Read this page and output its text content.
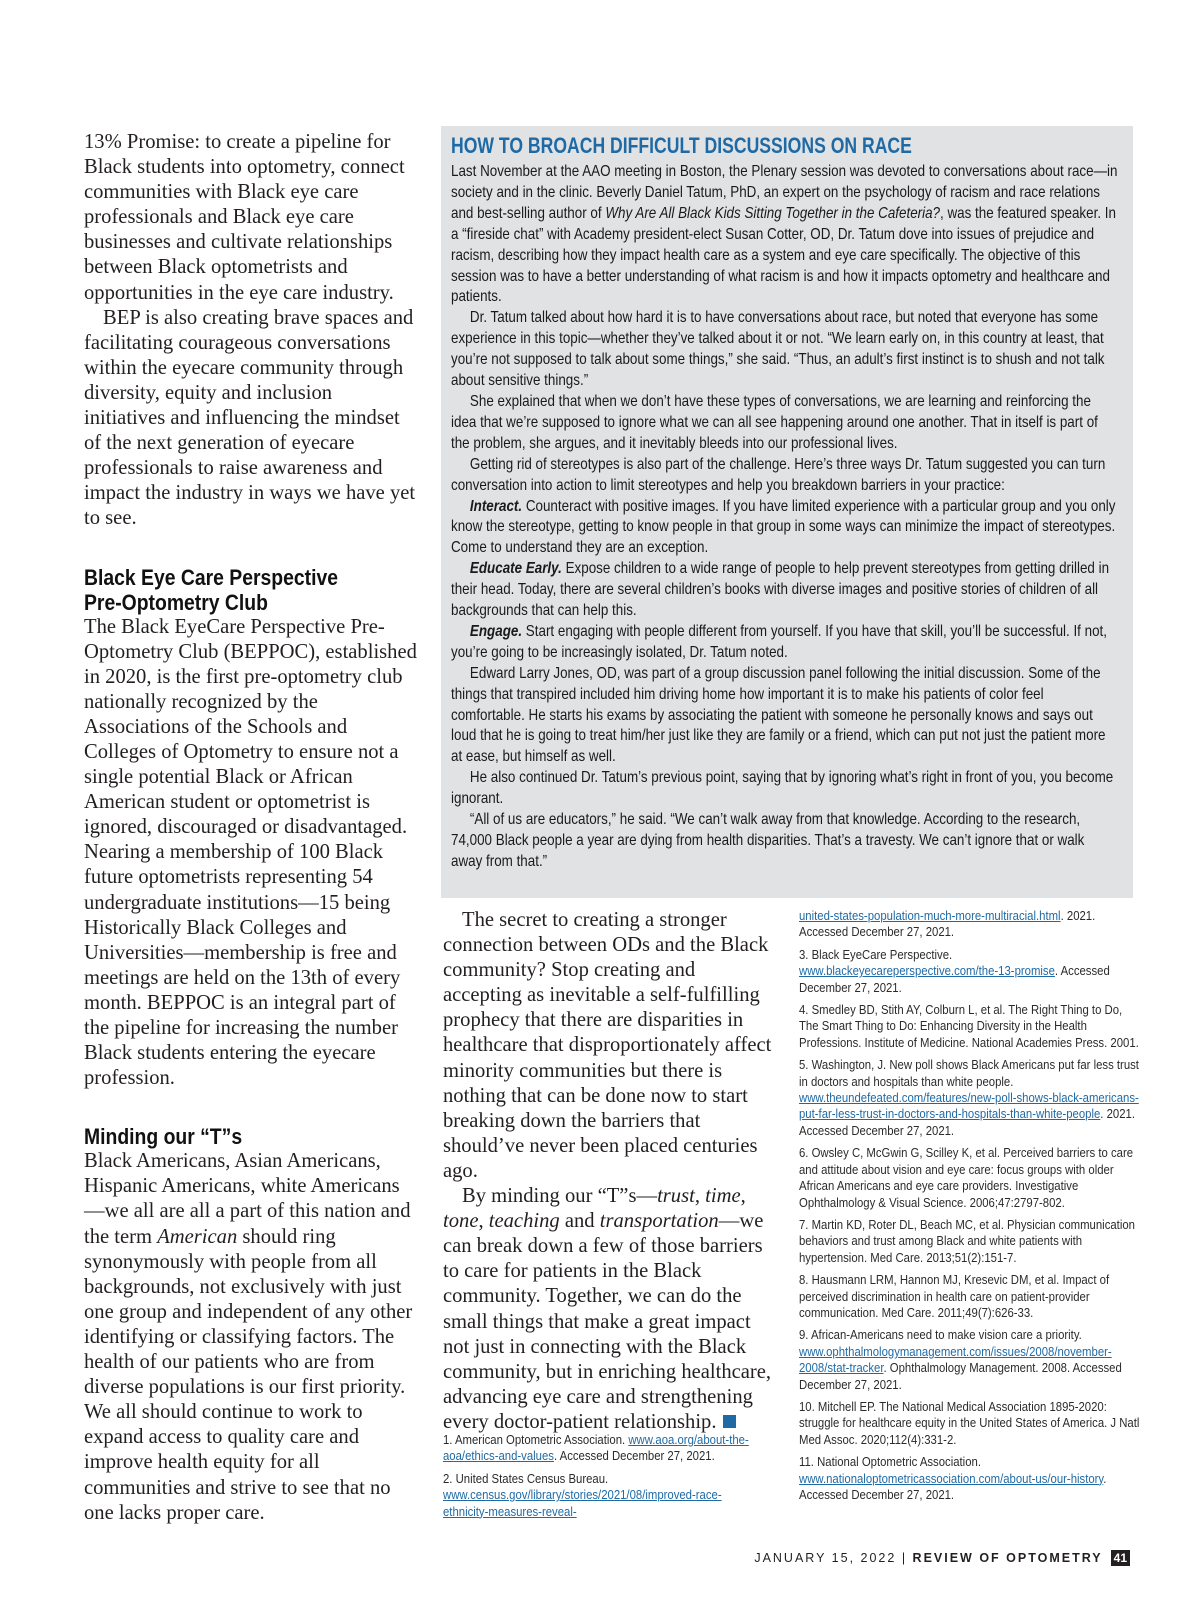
13% Promise: to create a pipeline for Black students into optometry, connect communities with Black eye care professionals and Black eye care businesses and cultivate relationships between Black optometrists and opportunities in the eye care industry.

BEP is also creating brave spaces and facilitating courageous conversations within the eyecare community through diversity, equity and inclusion initiatives and influencing the mindset of the next generation of eyecare professionals to raise awareness and impact the industry in ways we have yet to see.

Black Eye Care Perspective
Pre-Optometry Club

The Black EyeCare Perspective Pre-Optometry Club (BEPPOC), established in 2020, is the first pre-optometry club nationally recognized by the Associations of the Schools and Colleges of Optometry to ensure not a single potential Black or African American student or optometrist is ignored, discouraged or disadvantaged. Nearing a membership of 100 Black future optometrists representing 54 undergraduate institutions—15 being Historically Black Colleges and Universities—membership is free and meetings are held on the 13th of every month. BEPPOC is an integral part of the pipeline for increasing the number Black students entering the eyecare profession.

Minding our “T”s

Black Americans, Asian Americans, Hispanic Americans, white Americans—we all are all a part of this nation and the term American should ring synonymously with people from all backgrounds, not exclusively with just one group and independent of any other identifying or classifying factors. The health of our patients who are from diverse populations is our first priority. We all should continue to work to expand access to quality care and improve health equity for all communities and strive to see that no one lacks proper care.

HOW TO BROACH DIFFICULT DISCUSSIONS ON RACE

Last November at the AAO meeting in Boston, the Plenary session was devoted to conversations about race—in society and in the clinic. Beverly Daniel Tatum, PhD, an expert on the psychology of racism and race relations and best-selling author of Why Are All Black Kids Sitting Together in the Cafeteria?, was the featured speaker. In a “fireside chat” with Academy president-elect Susan Cotter, OD, Dr. Tatum dove into issues of prejudice and racism, describing how they impact health care as a system and eye care specifically. The objective of this session was to have a better understanding of what racism is and how it impacts optometry and healthcare and patients.

Dr. Tatum talked about how hard it is to have conversations about race, but noted that everyone has some experience in this topic—whether they’ve talked about it or not. “We learn early on, in this country at least, that you’re not supposed to talk about some things,” she said. “Thus, an adult’s first instinct is to shush and not talk about sensitive things.”

She explained that when we don’t have these types of conversations, we are learning and reinforcing the idea that we’re supposed to ignore what we can all see happening around one another. That in itself is part of the problem, she argues, and it inevitably bleeds into our professional lives.

Getting rid of stereotypes is also part of the challenge. Here’s three ways Dr. Tatum suggested you can turn conversation into action to limit stereotypes and help you breakdown barriers in your practice:

Interact. Counteract with positive images. If you have limited experience with a particular group and you only know the stereotype, getting to know people in that group in some ways can minimize the impact of stereotypes. Come to understand they are an exception.

Educate Early. Expose children to a wide range of people to help prevent stereotypes from getting drilled in their head. Today, there are several children’s books with diverse images and positive stories of children of all backgrounds that can help this.

Engage. Start engaging with people different from yourself. If you have that skill, you’ll be successful. If not, you’re going to be increasingly isolated, Dr. Tatum noted.

Edward Larry Jones, OD, was part of a group discussion panel following the initial discussion. Some of the things that transpired included him driving home how important it is to make his patients of color feel comfortable. He starts his exams by associating the patient with someone he personally knows and says out loud that he is going to treat him/her just like they are family or a friend, which can put not just the patient more at ease, but himself as well.

He also continued Dr. Tatum’s previous point, saying that by ignoring what’s right in front of you, you become ignorant.

“All of us are educators,” he said. “We can’t walk away from that knowledge. According to the research, 74,000 Black people a year are dying from health disparities. That’s a travesty. We can’t ignore that or walk away from that.”

The secret to creating a stronger connection between ODs and the Black community? Stop creating and accepting as inevitable a self-fulfilling prophecy that there are disparities in healthcare that disproportionately affect minority communities but there is nothing that can be done now to start breaking down the barriers that should’ve never been placed centuries ago.

By minding our “T”s—trust, time, tone, teaching and transportation—we can break down a few of those barriers to care for patients in the Black community. Together, we can do the small things that make a great impact not just in connecting with the Black community, but in enriching healthcare, advancing eye care and strengthening every doctor-patient relationship.

1. American Optometric Association. www.aoa.org/about-the-aoa/ethics-and-values. Accessed December 27, 2021.

2. United States Census Bureau. www.census.gov/library/stories/2021/08/improved-race-ethnicity-measures-reveal-

united-states-population-much-more-multiracial.html. 2021. Accessed December 27, 2021.

3. Black EyeCare Perspective. www.blackeyecareperspective.com/the-13-promise. Accessed December 27, 2021.

4. Smedley BD, Stith AY, Colburn L, et al. The Right Thing to Do, The Smart Thing to Do: Enhancing Diversity in the Health Professions. Institute of Medicine. National Academies Press. 2001.

5. Washington, J. New poll shows Black Americans put far less trust in doctors and hospitals than white people. www.theundefeated.com/features/new-poll-shows-black-americans-put-far-less-trust-in-doctors-and-hospitals-than-white-people. 2021. Accessed December 27, 2021.

6. Owsley C, McGwin G, Scilley K, et al. Perceived barriers to care and attitude about vision and eye care: focus groups with older African Americans and eye care providers. Investigative Ophthalmology & Visual Science. 2006;47:2797-802.

7. Martin KD, Roter DL, Beach MC, et al. Physician communication behaviors and trust among Black and white patients with hypertension. Med Care. 2013;51(2):151-7.

8. Hausmann LRM, Hannon MJ, Kresevic DM, et al. Impact of perceived discrimination in health care on patient-provider communication. Med Care. 2011;49(7):626-33.

9. African-Americans need to make vision care a priority. www.ophthalmologymanagement.com/issues/2008/november-2008/stat-tracker. Ophthalmology Management. 2008. Accessed December 27, 2021.

10. Mitchell EP. The National Medical Association 1895-2020: struggle for healthcare equity in the United States of America. J Natl Med Assoc. 2020;112(4):331-2.

11. National Optometric Association. www.nationaloptometricassociation.com/about-us/our-history. Accessed December 27, 2021.

JANUARY 15, 2022 | REVIEW OF OPTOMETRY 41
